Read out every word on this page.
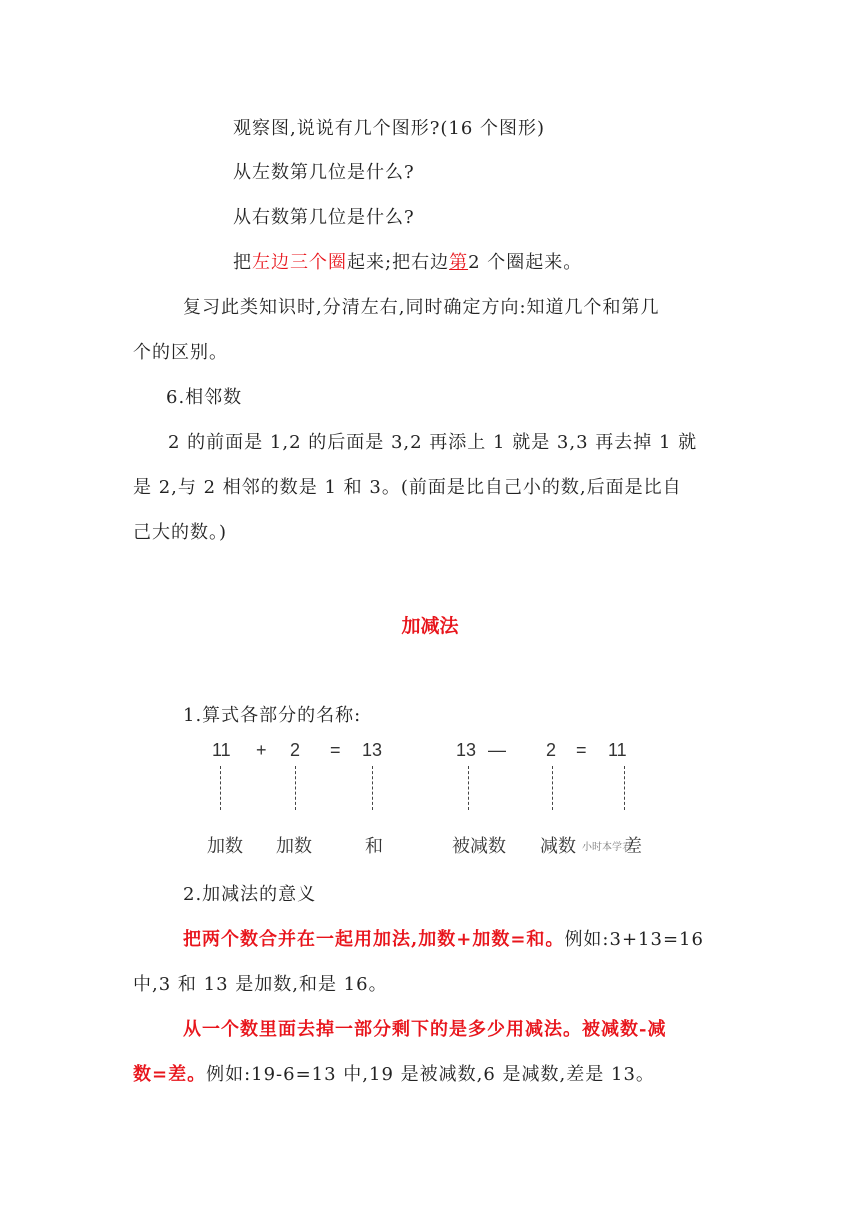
观察图,说说有几个图形?(16 个图形)
从左数第几位是什么?
从右数第几位是什么?
把左边三个圈起来;把右边第2 个圈起来。
复习此类知识时,分清左右,同时确定方向:知道几个和第几
个的区别。
6.相邻数
2 的前面是 1,2 的后面是 3,2 再添上 1 就是 3,3 再去掉 1 就
是 2,与 2 相邻的数是 1 和 3。(前面是比自己小的数,后面是比自
己大的数。)
加减法
1.算式各部分的名称:
11 + 2 = 13
加数 加数	和
13 — 2 = 11
被减数 减数	差
小时本学君
2.加减法的意义
把两个数合并在一起用加法,加数+加数=和。例如:3+13=16
中,3 和 13 是加数,和是 16。
从一个数里面去掉一部分剩下的是多少用减法。被减数-减
数=差。例如:19-6=13 中,19 是被减数,6 是减数,差是 13。
